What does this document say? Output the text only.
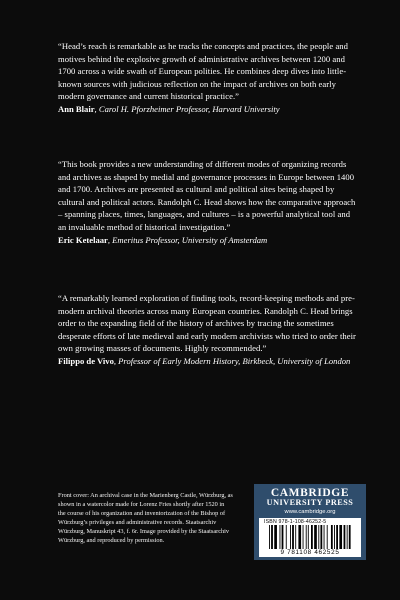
“Head’s reach is remarkable as he tracks the concepts and practices, the people and motives behind the explosive growth of administrative archives between 1200 and 1700 across a wide swath of European polities. He combines deep dives into little-known sources with judicious reflection on the impact of archives on both early modern governance and current historical practice.”

Ann Blair, Carol H. Pforzheimer Professor, Harvard University

“This book provides a new understanding of different modes of organizing records and archives as shaped by medial and governance processes in Europe between 1400 and 1700. Archives are presented as cultural and political sites being shaped by cultural and political actors. Randolph C. Head shows how the comparative approach – spanning places, times, languages, and cultures – is a powerful analytical tool and an invaluable method of historical investigation.”

Eric Ketelaar, Emeritus Professor, University of Amsterdam

“A remarkably learned exploration of finding tools, record-keeping methods and pre-modern archival theories across many European countries. Randolph C. Head brings order to the expanding field of the history of archives by tracing the sometimes desperate efforts of late medieval and early modern archivists who tried to order their own growing masses of documents. Highly recommended.”

Filippo de Vivo, Professor of Early Modern History, Birkbeck, University of London

Front cover: An archival case in the Marienberg Castle, Würzburg, as shown in a watercolor made for Lorenz Fries shortly after 1520 in the course of his organization and inventorization of the Bishop of Würzburg’s privileges and administrative records. Staatsarchiv Würzburg, Manuskript 43, f. 6r. Image provided by the Staatsarchiv Würzburg, and reproduced by permission.

CAMBRIDGE
UNIVERSITY PRESS
www.cambridge.org
ISBN 978-1-108-46252-5
9 781108 462525
